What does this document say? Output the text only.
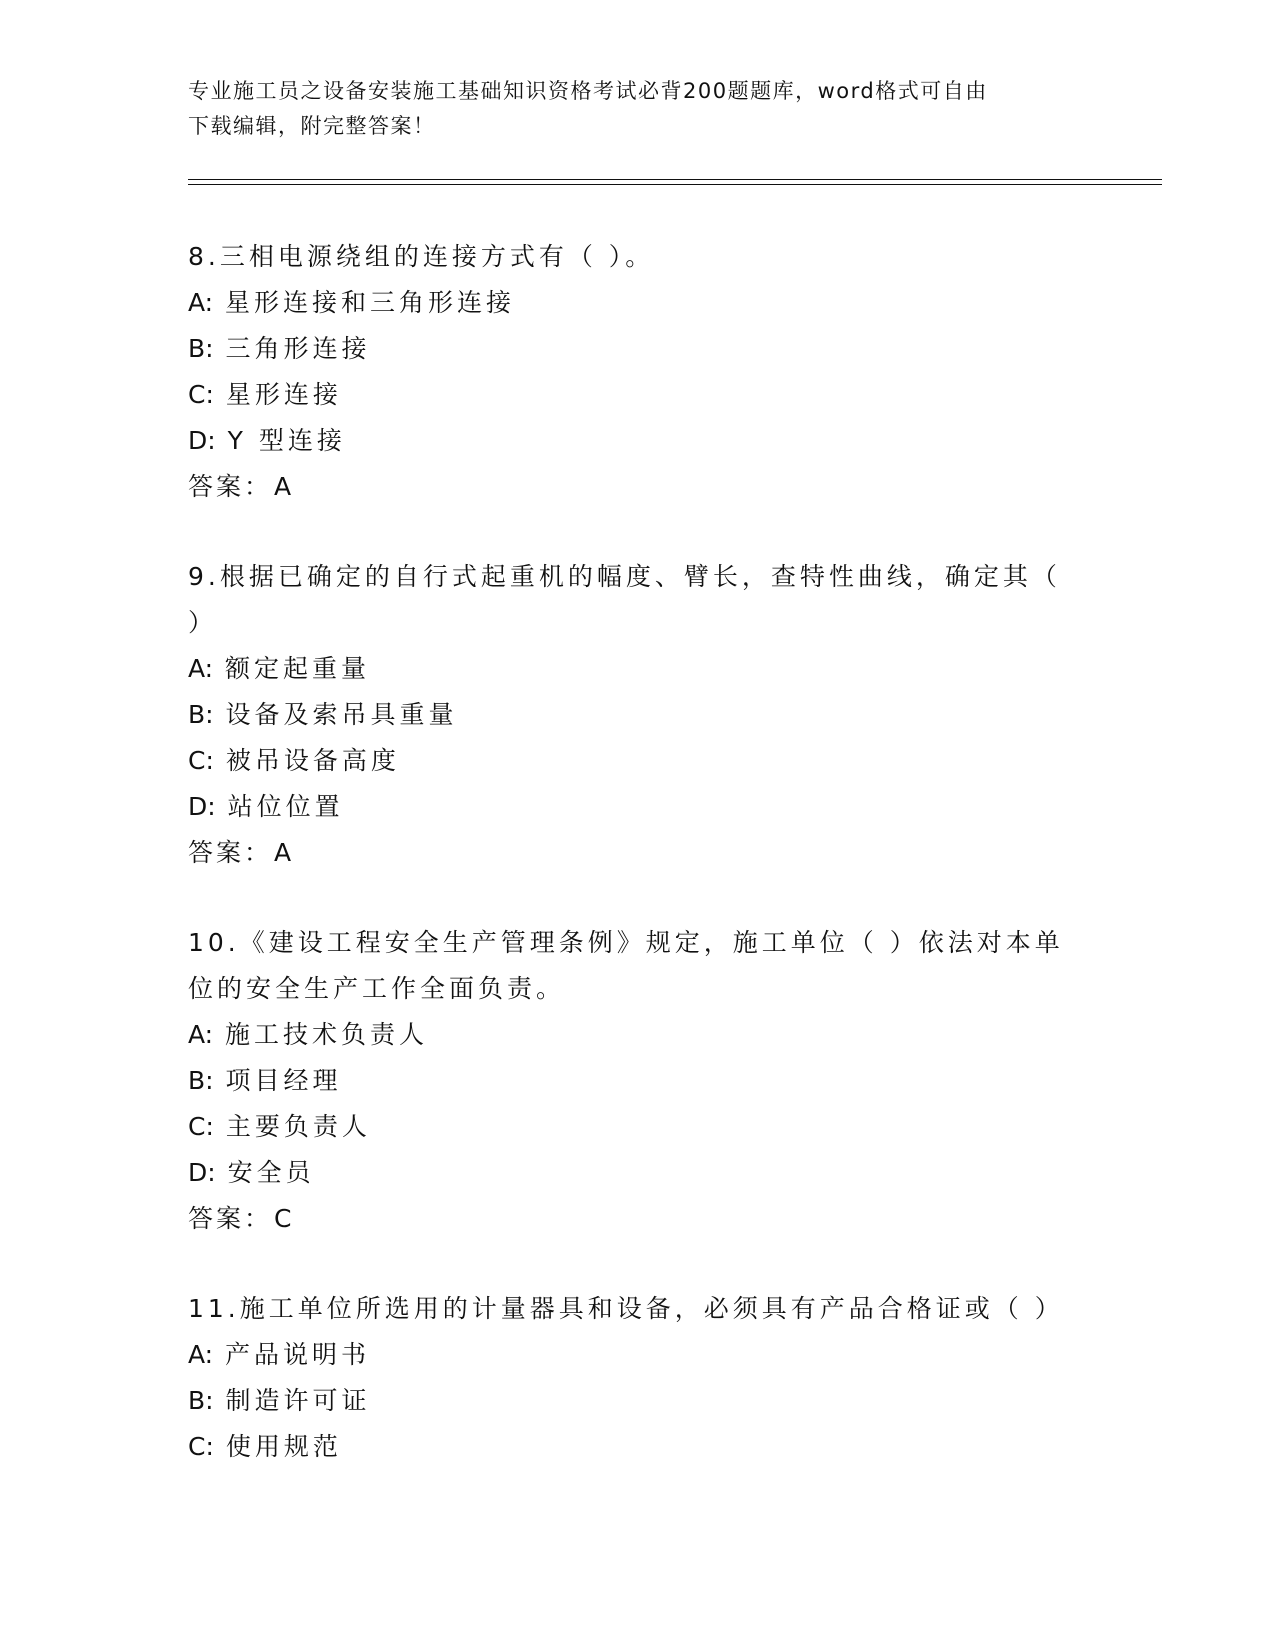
专业施工员之设备安装施工基础知识资格考试必背200题题库，word格式可自由
下载编辑，附完整答案！

8.三相电源绕组的连接方式有（ ）。

A: 星形连接和三角形连接

B: 三角形连接

C: 星形连接

D: Y 型连接

答案：A

9.根据已确定的自行式起重机的幅度、臂长，查特性曲线，确定其（

）

A: 额定起重量

B: 设备及索吊具重量

C: 被吊设备高度

D: 站位位置

答案：A

10.《建设工程安全生产管理条例》规定，施工单位（ ）依法对本单

位的安全生产工作全面负责。

A: 施工技术负责人

B: 项目经理

C: 主要负责人

D: 安全员

答案：C

11.施工单位所选用的计量器具和设备，必须具有产品合格证或（ ）

A: 产品说明书

B: 制造许可证

C: 使用规范
